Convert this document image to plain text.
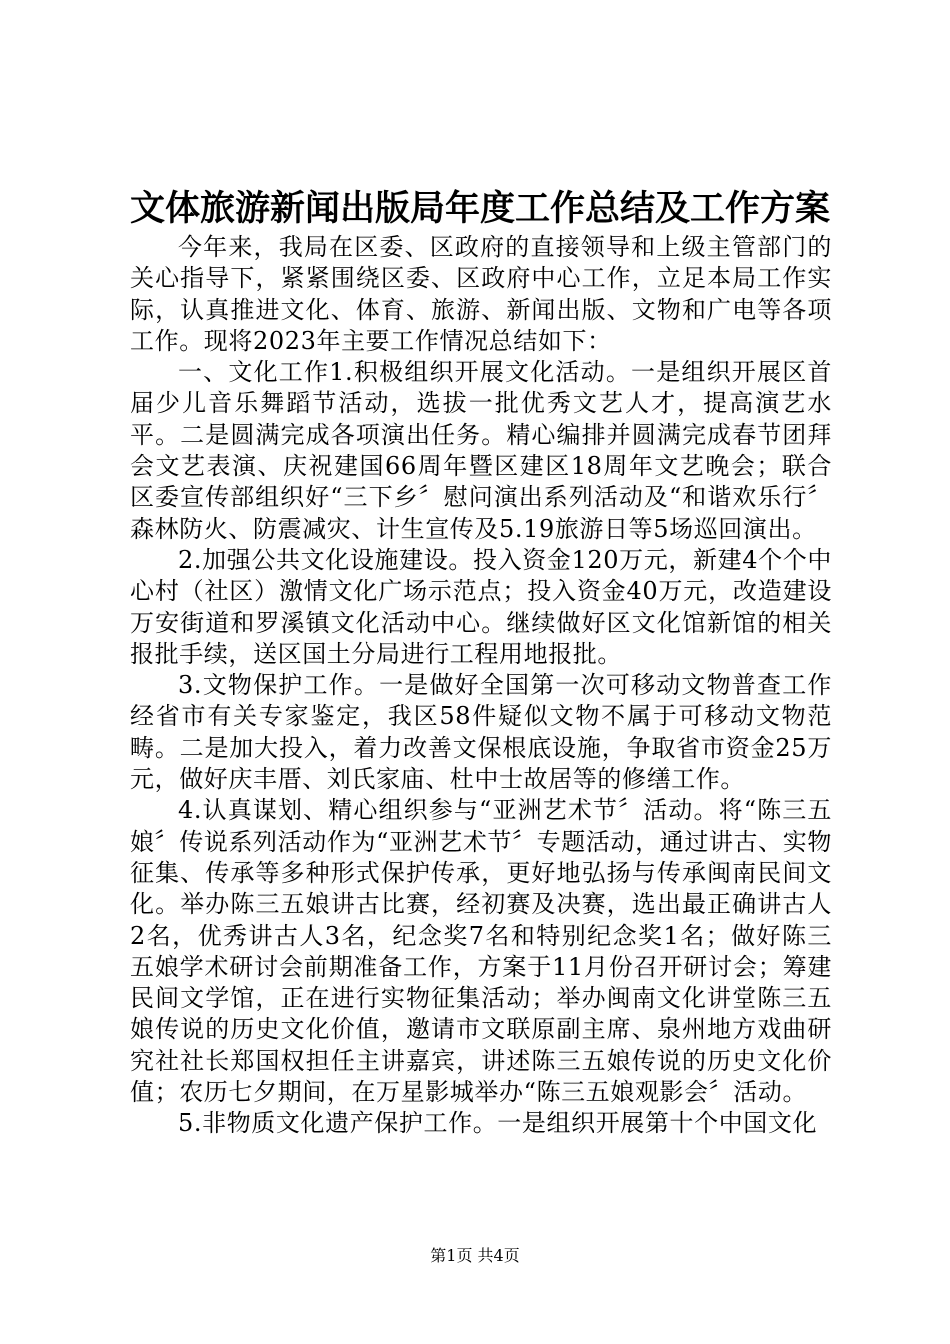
文体旅游新闻出版局年度工作总结及工作方案

今年来，我局在区委、区政府的直接领导和上级主管部门的关心指导下，紧紧围绕区委、区政府中心工作，立足本局工作实际，认真推进文化、体育、旅游、新闻出版、文物和广电等各项工作。现将2023年主要工作情况总结如下：

一、文化工作1.积极组织开展文化活动。一是组织开展区首届少儿音乐舞蹈节活动，选拔一批优秀文艺人才，提高演艺水平。二是圆满完成各项演出任务。精心编排并圆满完成春节团拜会文艺表演、庆祝建国66周年暨区建区18周年文艺晚会；联合区委宣传部组织好“三下乡〞慰问演出系列活动及“和谐欢乐行〞森林防火、防震减灾、计生宣传及5.19旅游日等5场巡回演出。

2.加强公共文化设施建设。投入资金120万元，新建4个个中心村（社区）激情文化广场示范点；投入资金40万元，改造建设万安街道和罗溪镇文化活动中心。继续做好区文化馆新馆的相关报批手续，送区国土分局进行工程用地报批。

3.文物保护工作。一是做好全国第一次可移动文物普查工作经省市有关专家鉴定，我区58件疑似文物不属于可移动文物范畴。二是加大投入，着力改善文保根底设施，争取省市资金25万元，做好庆丰厝、刘氏家庙、杜中士故居等的修缮工作。

4.认真谋划、精心组织参与“亚洲艺术节〞活动。将“陈三五娘〞传说系列活动作为“亚洲艺术节〞专题活动，通过讲古、实物征集、传承等多种形式保护传承，更好地弘扬与传承闽南民间文化。举办陈三五娘讲古比赛，经初赛及决赛，选出最正确讲古人2名，优秀讲古人3名，纪念奖7名和特别纪念奖1名；做好陈三五娘学术研讨会前期准备工作，方案于11月份召开研讨会；筹建民间文学馆，正在进行实物征集活动；举办闽南文化讲堂陈三五娘传说的历史文化价值，邀请市文联原副主席、泉州地方戏曲研究社社长郑国权担任主讲嘉宾，讲述陈三五娘传说的历史文化价值；农历七夕期间，在万星影城举办“陈三五娘观影会〞活动。

5.非物质文化遗产保护工作。一是组织开展第十个中国文化

第1页 共4页
